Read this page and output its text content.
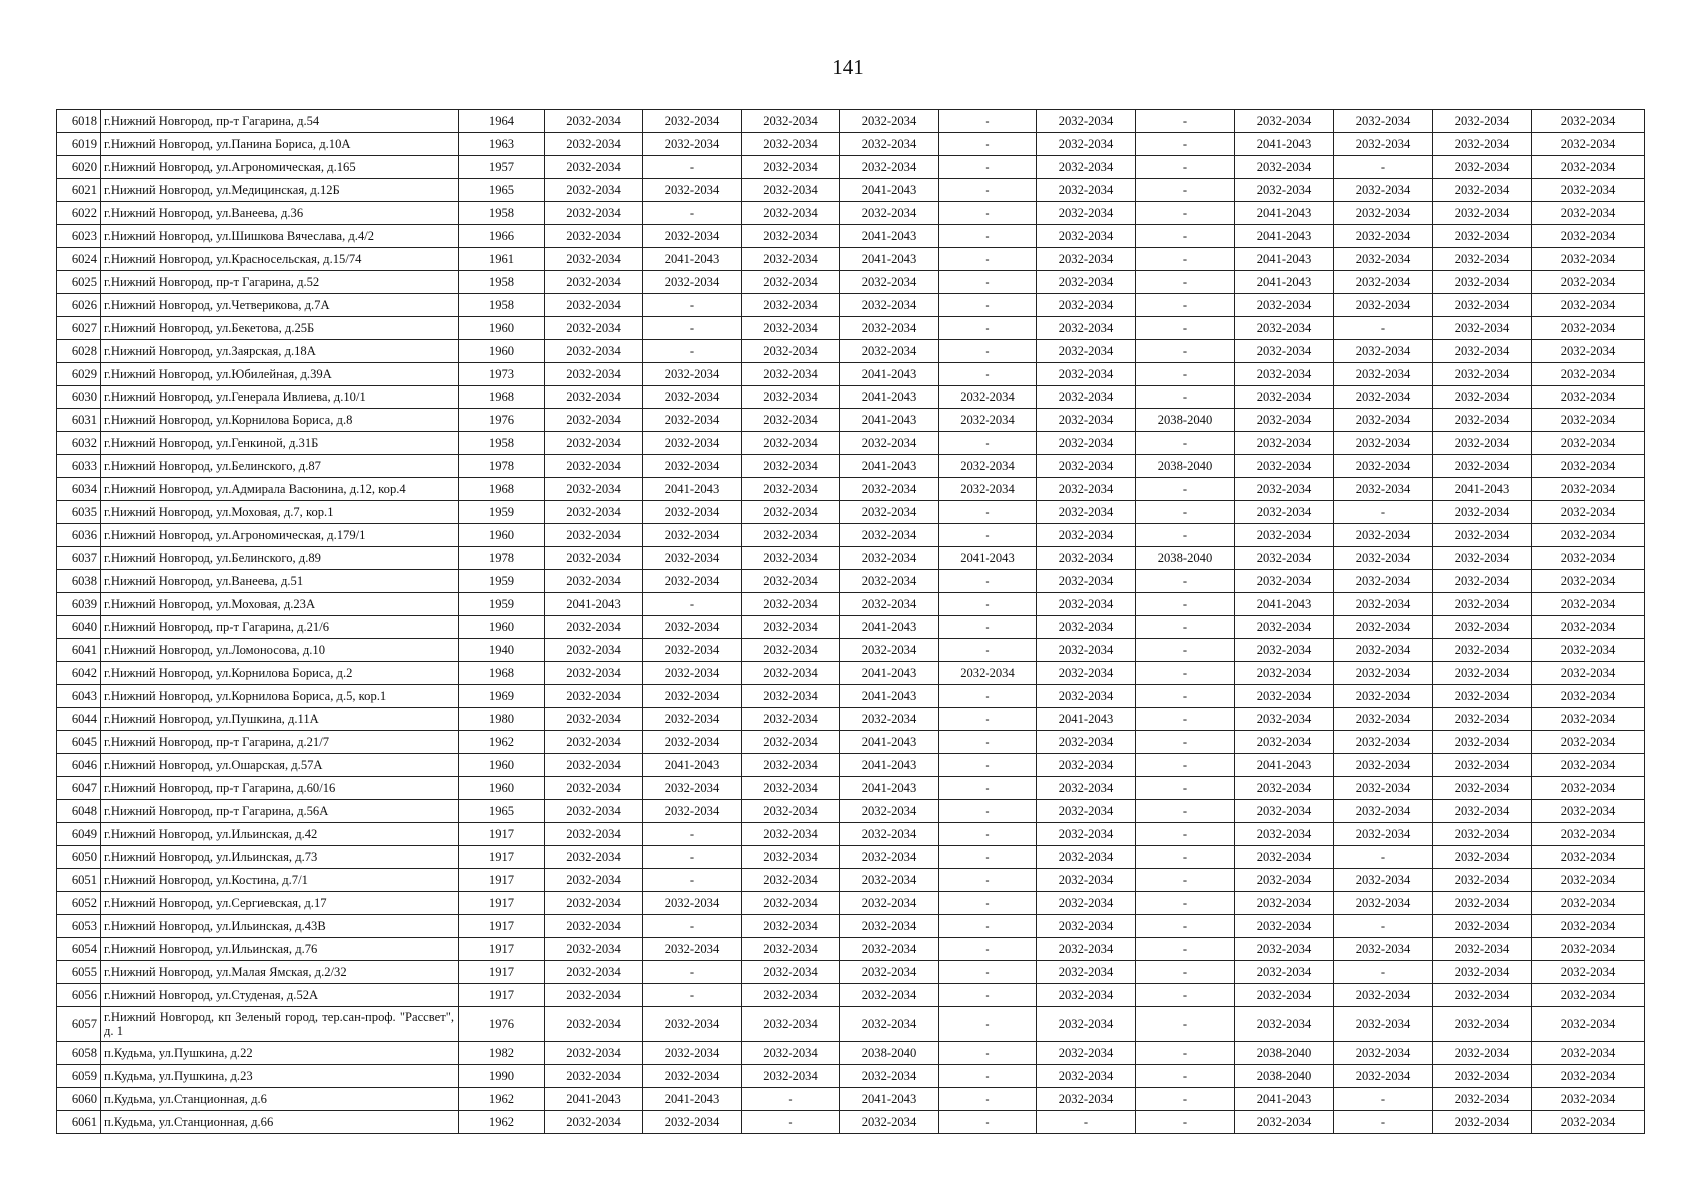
141
6018	г.Нижний Новгород, пр-т Гагарина, д.54	1964	2032-2034	2032-2034	2032-2034	2032-2034	-	2032-2034	-	2032-2034	2032-2034	2032-2034	2032-2034
6019	г.Нижний Новгород, ул.Панина Бориса, д.10А	1963	2032-2034	2032-2034	2032-2034	2032-2034	-	2032-2034	-	2041-2043	2032-2034	2032-2034	2032-2034
6020	г.Нижний Новгород, ул.Агрономическая, д.165	1957	2032-2034	-	2032-2034	2032-2034	-	2032-2034	-	2032-2034	-	2032-2034	2032-2034
6021	г.Нижний Новгород, ул.Медицинская, д.12Б	1965	2032-2034	2032-2034	2032-2034	2041-2043	-	2032-2034	-	2032-2034	2032-2034	2032-2034	2032-2034
6022	г.Нижний Новгород, ул.Ванеева, д.36	1958	2032-2034	-	2032-2034	2032-2034	-	2032-2034	-	2041-2043	2032-2034	2032-2034	2032-2034
6023	г.Нижний Новгород, ул.Шишкова Вячеслава, д.4/2	1966	2032-2034	2032-2034	2032-2034	2041-2043	-	2032-2034	-	2041-2043	2032-2034	2032-2034	2032-2034
6024	г.Нижний Новгород, ул.Красносельская, д.15/74	1961	2032-2034	2041-2043	2032-2034	2041-2043	-	2032-2034	-	2041-2043	2032-2034	2032-2034	2032-2034
6025	г.Нижний Новгород, пр-т Гагарина, д.52	1958	2032-2034	2032-2034	2032-2034	2032-2034	-	2032-2034	-	2041-2043	2032-2034	2032-2034	2032-2034
6026	г.Нижний Новгород, ул.Четверикова, д.7А	1958	2032-2034	-	2032-2034	2032-2034	-	2032-2034	-	2032-2034	2032-2034	2032-2034	2032-2034
6027	г.Нижний Новгород, ул.Бекетова, д.25Б	1960	2032-2034	-	2032-2034	2032-2034	-	2032-2034	-	2032-2034	-	2032-2034	2032-2034
6028	г.Нижний Новгород, ул.Заярская, д.18А	1960	2032-2034	-	2032-2034	2032-2034	-	2032-2034	-	2032-2034	2032-2034	2032-2034	2032-2034
6029	г.Нижний Новгород, ул.Юбилейная, д.39А	1973	2032-2034	2032-2034	2032-2034	2041-2043	-	2032-2034	-	2032-2034	2032-2034	2032-2034	2032-2034
6030	г.Нижний Новгород, ул.Генерала Ивлиева, д.10/1	1968	2032-2034	2032-2034	2032-2034	2041-2043	2032-2034	2032-2034	-	2032-2034	2032-2034	2032-2034	2032-2034
6031	г.Нижний Новгород, ул.Корнилова Бориса, д.8	1976	2032-2034	2032-2034	2032-2034	2041-2043	2032-2034	2032-2034	2038-2040	2032-2034	2032-2034	2032-2034	2032-2034
6032	г.Нижний Новгород, ул.Генкиной, д.31Б	1958	2032-2034	2032-2034	2032-2034	2032-2034	-	2032-2034	-	2032-2034	2032-2034	2032-2034	2032-2034
6033	г.Нижний Новгород, ул.Белинского, д.87	1978	2032-2034	2032-2034	2032-2034	2041-2043	2032-2034	2032-2034	2038-2040	2032-2034	2032-2034	2032-2034	2032-2034
6034	г.Нижний Новгород, ул.Адмирала Васюнина, д.12, кор.4	1968	2032-2034	2041-2043	2032-2034	2032-2034	2032-2034	2032-2034	-	2032-2034	2032-2034	2041-2043	2032-2034
6035	г.Нижний Новгород, ул.Моховая, д.7, кор.1	1959	2032-2034	2032-2034	2032-2034	2032-2034	-	2032-2034	-	2032-2034	-	2032-2034	2032-2034
6036	г.Нижний Новгород, ул.Агрономическая, д.179/1	1960	2032-2034	2032-2034	2032-2034	2032-2034	-	2032-2034	-	2032-2034	2032-2034	2032-2034	2032-2034
6037	г.Нижний Новгород, ул.Белинского, д.89	1978	2032-2034	2032-2034	2032-2034	2032-2034	2041-2043	2032-2034	2038-2040	2032-2034	2032-2034	2032-2034	2032-2034
6038	г.Нижний Новгород, ул.Ванеева, д.51	1959	2032-2034	2032-2034	2032-2034	2032-2034	-	2032-2034	-	2032-2034	2032-2034	2032-2034	2032-2034
6039	г.Нижний Новгород, ул.Моховая, д.23А	1959	2041-2043	-	2032-2034	2032-2034	-	2032-2034	-	2041-2043	2032-2034	2032-2034	2032-2034
6040	г.Нижний Новгород, пр-т Гагарина, д.21/6	1960	2032-2034	2032-2034	2032-2034	2041-2043	-	2032-2034	-	2032-2034	2032-2034	2032-2034	2032-2034
6041	г.Нижний Новгород, ул.Ломоносова, д.10	1940	2032-2034	2032-2034	2032-2034	2032-2034	-	2032-2034	-	2032-2034	2032-2034	2032-2034	2032-2034
6042	г.Нижний Новгород, ул.Корнилова Бориса, д.2	1968	2032-2034	2032-2034	2032-2034	2041-2043	2032-2034	2032-2034	-	2032-2034	2032-2034	2032-2034	2032-2034
6043	г.Нижний Новгород, ул.Корнилова Бориса, д.5, кор.1	1969	2032-2034	2032-2034	2032-2034	2041-2043	-	2032-2034	-	2032-2034	2032-2034	2032-2034	2032-2034
6044	г.Нижний Новгород, ул.Пушкина, д.11А	1980	2032-2034	2032-2034	2032-2034	2032-2034	-	2041-2043	-	2032-2034	2032-2034	2032-2034	2032-2034
6045	г.Нижний Новгород, пр-т Гагарина, д.21/7	1962	2032-2034	2032-2034	2032-2034	2041-2043	-	2032-2034	-	2032-2034	2032-2034	2032-2034	2032-2034
6046	г.Нижний Новгород, ул.Ошарская, д.57А	1960	2032-2034	2041-2043	2032-2034	2041-2043	-	2032-2034	-	2041-2043	2032-2034	2032-2034	2032-2034
6047	г.Нижний Новгород, пр-т Гагарина, д.60/16	1960	2032-2034	2032-2034	2032-2034	2041-2043	-	2032-2034	-	2032-2034	2032-2034	2032-2034	2032-2034
6048	г.Нижний Новгород, пр-т Гагарина, д.56А	1965	2032-2034	2032-2034	2032-2034	2032-2034	-	2032-2034	-	2032-2034	2032-2034	2032-2034	2032-2034
6049	г.Нижний Новгород, ул.Ильинская, д.42	1917	2032-2034	-	2032-2034	2032-2034	-	2032-2034	-	2032-2034	2032-2034	2032-2034	2032-2034
6050	г.Нижний Новгород, ул.Ильинская, д.73	1917	2032-2034	-	2032-2034	2032-2034	-	2032-2034	-	2032-2034	-	2032-2034	2032-2034
6051	г.Нижний Новгород, ул.Костина, д.7/1	1917	2032-2034	-	2032-2034	2032-2034	-	2032-2034	-	2032-2034	2032-2034	2032-2034	2032-2034
6052	г.Нижний Новгород, ул.Сергиевская, д.17	1917	2032-2034	2032-2034	2032-2034	2032-2034	-	2032-2034	-	2032-2034	2032-2034	2032-2034	2032-2034
6053	г.Нижний Новгород, ул.Ильинская, д.43В	1917	2032-2034	-	2032-2034	2032-2034	-	2032-2034	-	2032-2034	-	2032-2034	2032-2034
6054	г.Нижний Новгород, ул.Ильинская, д.76	1917	2032-2034	2032-2034	2032-2034	2032-2034	-	2032-2034	-	2032-2034	2032-2034	2032-2034	2032-2034
6055	г.Нижний Новгород, ул.Малая Ямская, д.2/32	1917	2032-2034	-	2032-2034	2032-2034	-	2032-2034	-	2032-2034	-	2032-2034	2032-2034
6056	г.Нижний Новгород, ул.Студеная, д.52А	1917	2032-2034	-	2032-2034	2032-2034	-	2032-2034	-	2032-2034	2032-2034	2032-2034	2032-2034
6057	г.Нижний Новгород, кп Зеленый город, тер.сан-проф. "Рассвет", д. 1	1976	2032-2034	2032-2034	2032-2034	2032-2034	-	2032-2034	-	2032-2034	2032-2034	2032-2034	2032-2034
6058	п.Кудьма, ул.Пушкина, д.22	1982	2032-2034	2032-2034	2032-2034	2038-2040	-	2032-2034	-	2038-2040	2032-2034	2032-2034	2032-2034
6059	п.Кудьма, ул.Пушкина, д.23	1990	2032-2034	2032-2034	2032-2034	2032-2034	-	2032-2034	-	2038-2040	2032-2034	2032-2034	2032-2034
6060	п.Кудьма, ул.Станционная, д.6	1962	2041-2043	2041-2043	-	2041-2043	-	2032-2034	-	2041-2043	-	2032-2034	2032-2034
6061	п.Кудьма, ул.Станционная, д.66	1962	2032-2034	2032-2034	-	2032-2034	-	-	-	2032-2034	-	2032-2034	2032-2034
